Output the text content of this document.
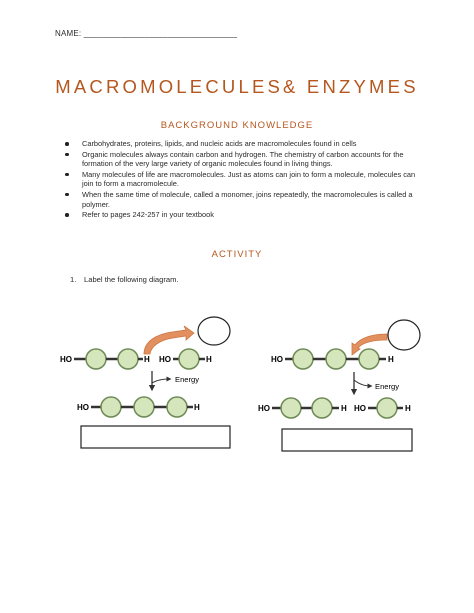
NAME: _________________________________
MACROMOLECULES& ENZYMES
BACKGROUND KNOWLEDGE
Carbohydrates, proteins, lipids, and nucleic acids are macromolecules found in cells
Organic molecules always contain carbon and hydrogen. The chemistry of carbon accounts for the formation of the very large variety of organic molecules found in living things.
Many molecules of life are macromolecules. Just as atoms can join to form a molecule, molecules can join to form a macromolecule.
When the same time of molecule, called a monomer, joins repeatedly, the macromolecules is called a polymer.
Refer to pages 242-257 in your textbook
ACTIVITY
1. Label the following diagram.
HO	H HO	H
Energy
HO	H
HO	H
Energy
HO	H HO	H
